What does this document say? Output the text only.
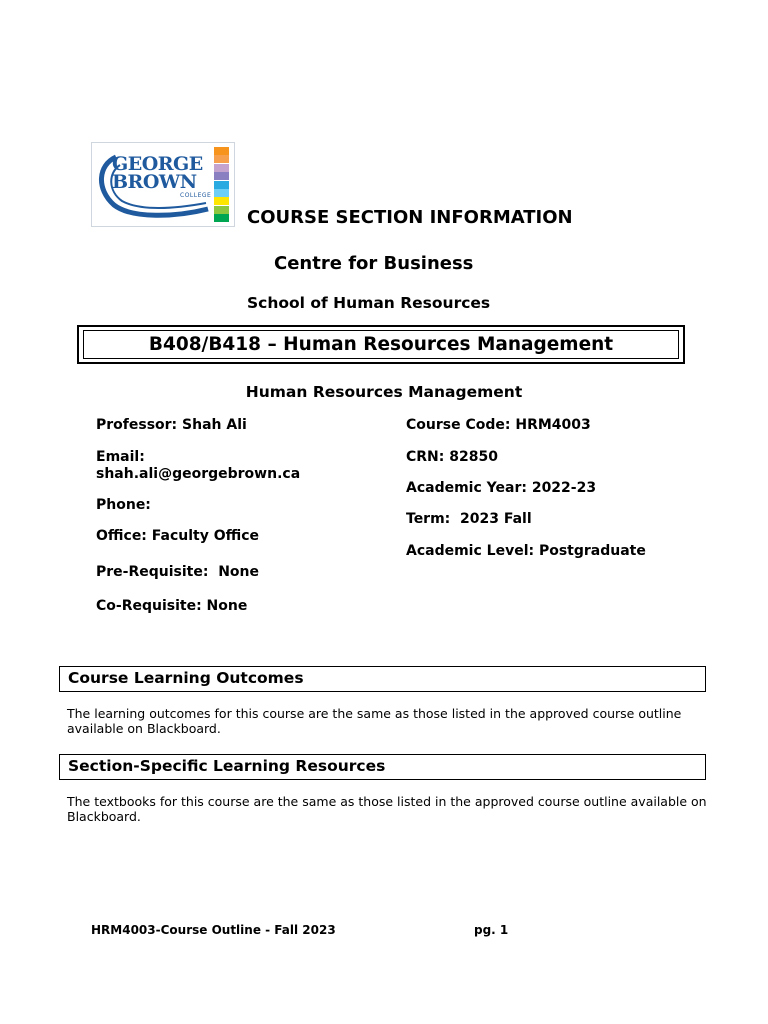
GEORGE
BROWN
COLLEGE
COURSE SECTION INFORMATION
Centre for Business
School of Human Resources
B408/B418 – Human Resources Management
Human Resources Management
Professor: Shah Ali
Email:
shah.ali@georgebrown.ca
Phone:
Office: Faculty Office
Pre-Requisite:  None
Co-Requisite: None
Course Code: HRM4003
CRN: 82850
Academic Year: 2022-23
Term:  2023 Fall
Academic Level: Postgraduate
Course Learning Outcomes
The learning outcomes for this course are the same as those listed in the approved course outline available on Blackboard.
Section-Specific Learning Resources
The textbooks for this course are the same as those listed in the approved course outline available on Blackboard.
HRM4003-Course Outline - Fall 2023	pg. 1
